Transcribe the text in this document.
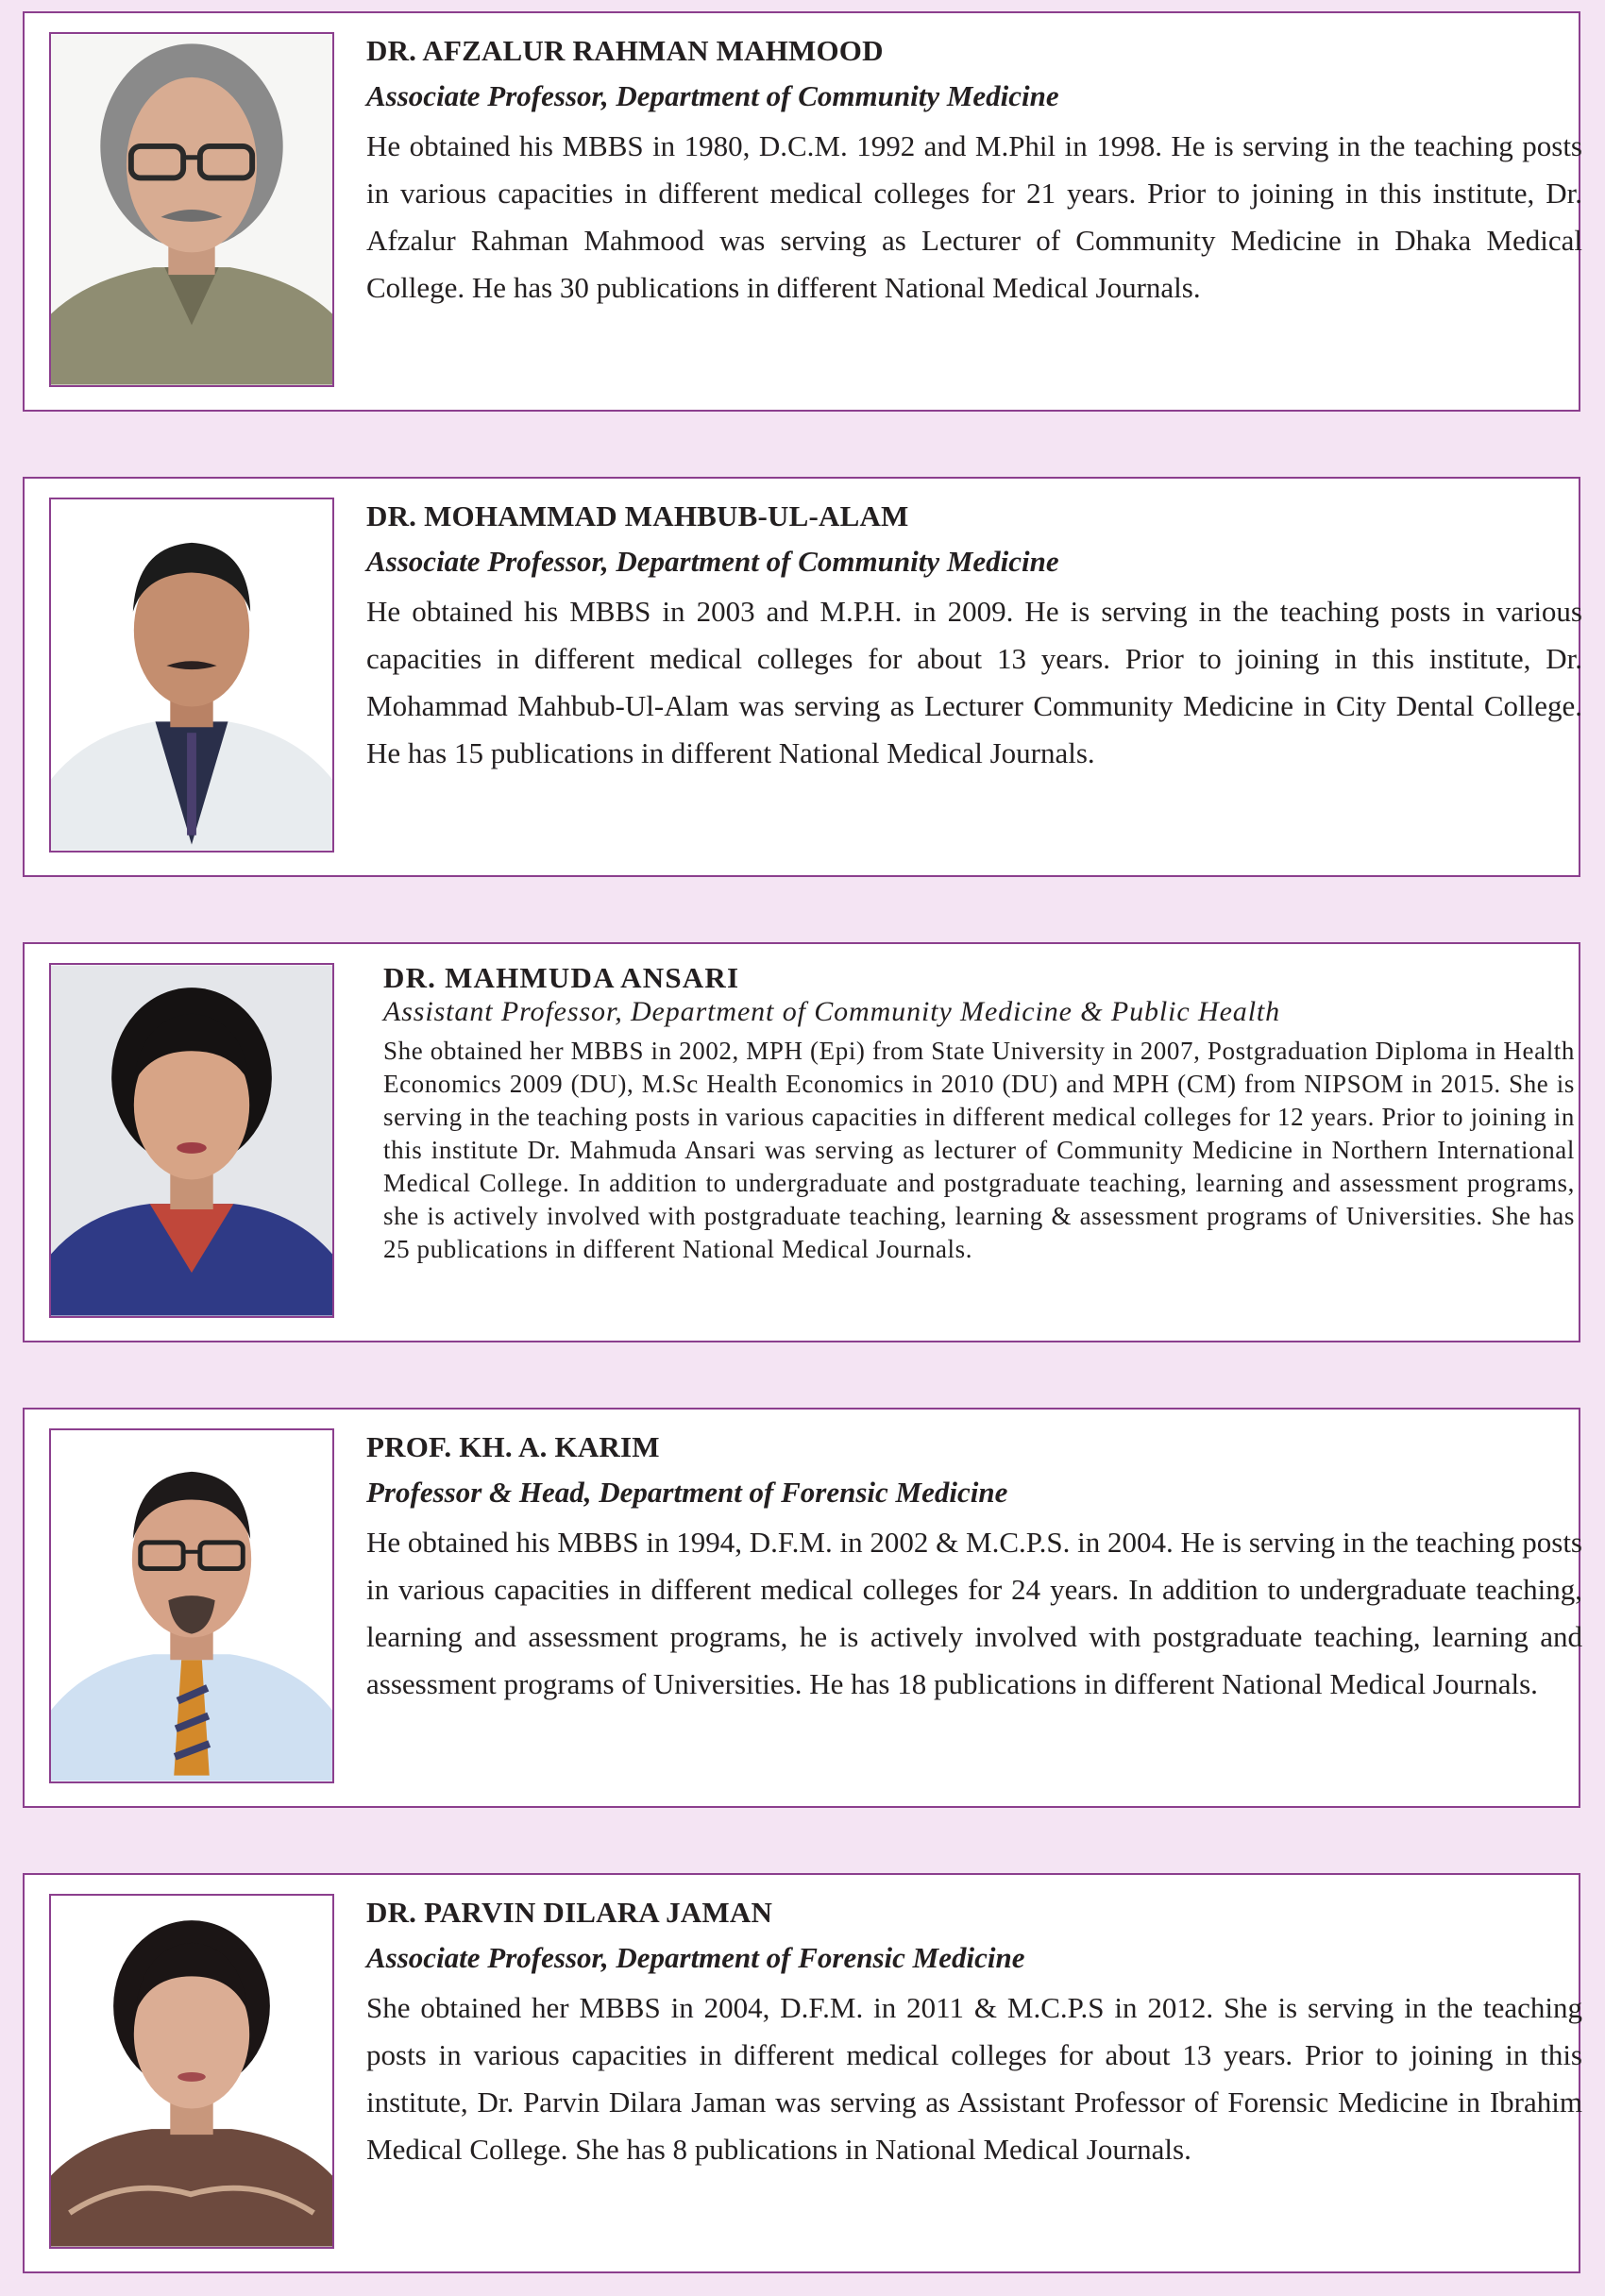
DR. AFZALUR RAHMAN MAHMOOD
Associate Professor, Department of Community Medicine

He obtained his MBBS in 1980, D.C.M. 1992 and M.Phil in 1998. He is serving in the teaching posts in various capacities in different medical colleges for 21 years. Prior to joining in this institute, Dr. Afzalur Rahman Mahmood was serving as Lecturer of Community Medicine in Dhaka Medical College. He has 30 publications in different National Medical Journals.

DR. MOHAMMAD MAHBUB-UL-ALAM
Associate Professor, Department of Community Medicine

He obtained his MBBS in 2003 and M.P.H. in 2009. He is serving in the teaching posts in various capacities in different medical colleges for about 13 years. Prior to joining in this institute, Dr. Mohammad Mahbub-Ul-Alam was serving as Lecturer Community Medicine in City Dental College. He has 15 publications in different National Medical Journals.

DR. MAHMUDA ANSARI
Assistant Professor, Department of Community Medicine & Public Health

She obtained her MBBS in 2002, MPH (Epi) from State University in 2007, Postgraduation Diploma in Health Economics 2009 (DU), M.Sc Health Economics in 2010 (DU) and MPH (CM) from NIPSOM in 2015. She is serving in the teaching posts in various capacities in different medical colleges for 12 years. Prior to joining in this institute Dr. Mahmuda Ansari was serving as lecturer of Community Medicine in Northern International Medical College. In addition to undergraduate and postgraduate teaching, learning and assessment programs, she is actively involved with postgraduate teaching, learning & assessment programs of Universities. She has 25 publications in different National Medical Journals.

PROF. KH. A. KARIM
Professor & Head, Department of Forensic Medicine

He obtained his MBBS in 1994, D.F.M. in 2002 & M.C.P.S. in 2004. He is serving in the teaching posts in various capacities in different medical colleges for 24 years. In addition to undergraduate teaching, learning and assessment programs, he is actively involved with postgraduate teaching, learning and assessment programs of Universities. He has 18 publications in different National Medical Journals.

DR. PARVIN DILARA JAMAN
Associate Professor, Department of Forensic Medicine

She obtained her MBBS in 2004, D.F.M. in 2011 & M.C.P.S in 2012. She is serving in the teaching posts in various capacities in different medical colleges for about 13 years. Prior to joining in this institute, Dr. Parvin Dilara Jaman was serving as Assistant Professor of Forensic Medicine in Ibrahim Medical College. She has 8 publications in National Medical Journals.
